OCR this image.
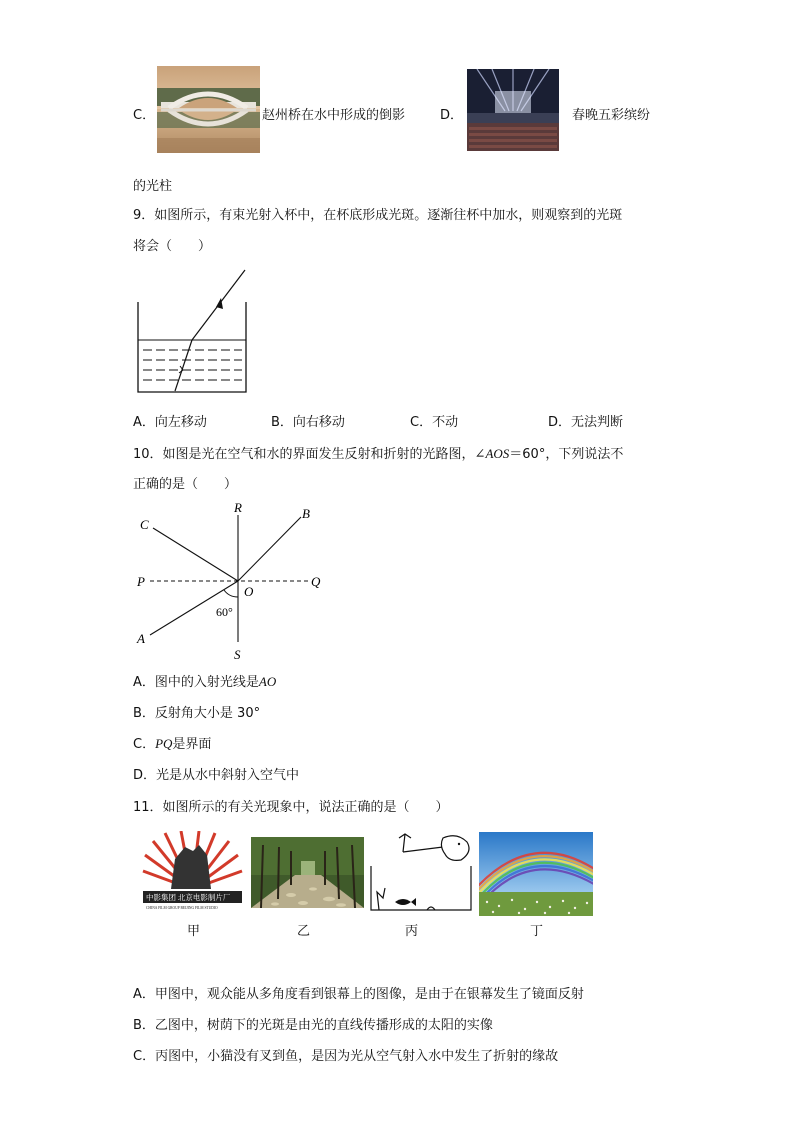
C．	赵州桥在水中形成的倒影	D．	春晚五彩缤纷
的光柱
9．如图所示，有束光射入杯中，在杯底形成光斑。逐渐往杯中加水，则观察到的光斑
将会（　　）
A．向左移动	B．向右移动	C．不动	D．无法判断
10．如图是光在空气和水的界面发生反射和折射的光路图，∠AOS＝60°，下列说法不
正确的是（　　）
R	B
C
P
O
Q
60°
A
S
A．图中的入射光线是AO
B．反射角大小是 30°
C．PQ是界面
D．光是从水中斜射入空气中
11．如图所示的有关光现象中，说法正确的是（　　）
中影集团 北京电影制片厂
CHINA FILM GROUP BEIJING FILM STUDIO
甲	乙	丙	丁
A．甲图中，观众能从多角度看到银幕上的图像，是由于在银幕发生了镜面反射
B．乙图中，树荫下的光斑是由光的直线传播形成的太阳的实像
C．丙图中，小猫没有叉到鱼，是因为光从空气射入水中发生了折射的缘故
